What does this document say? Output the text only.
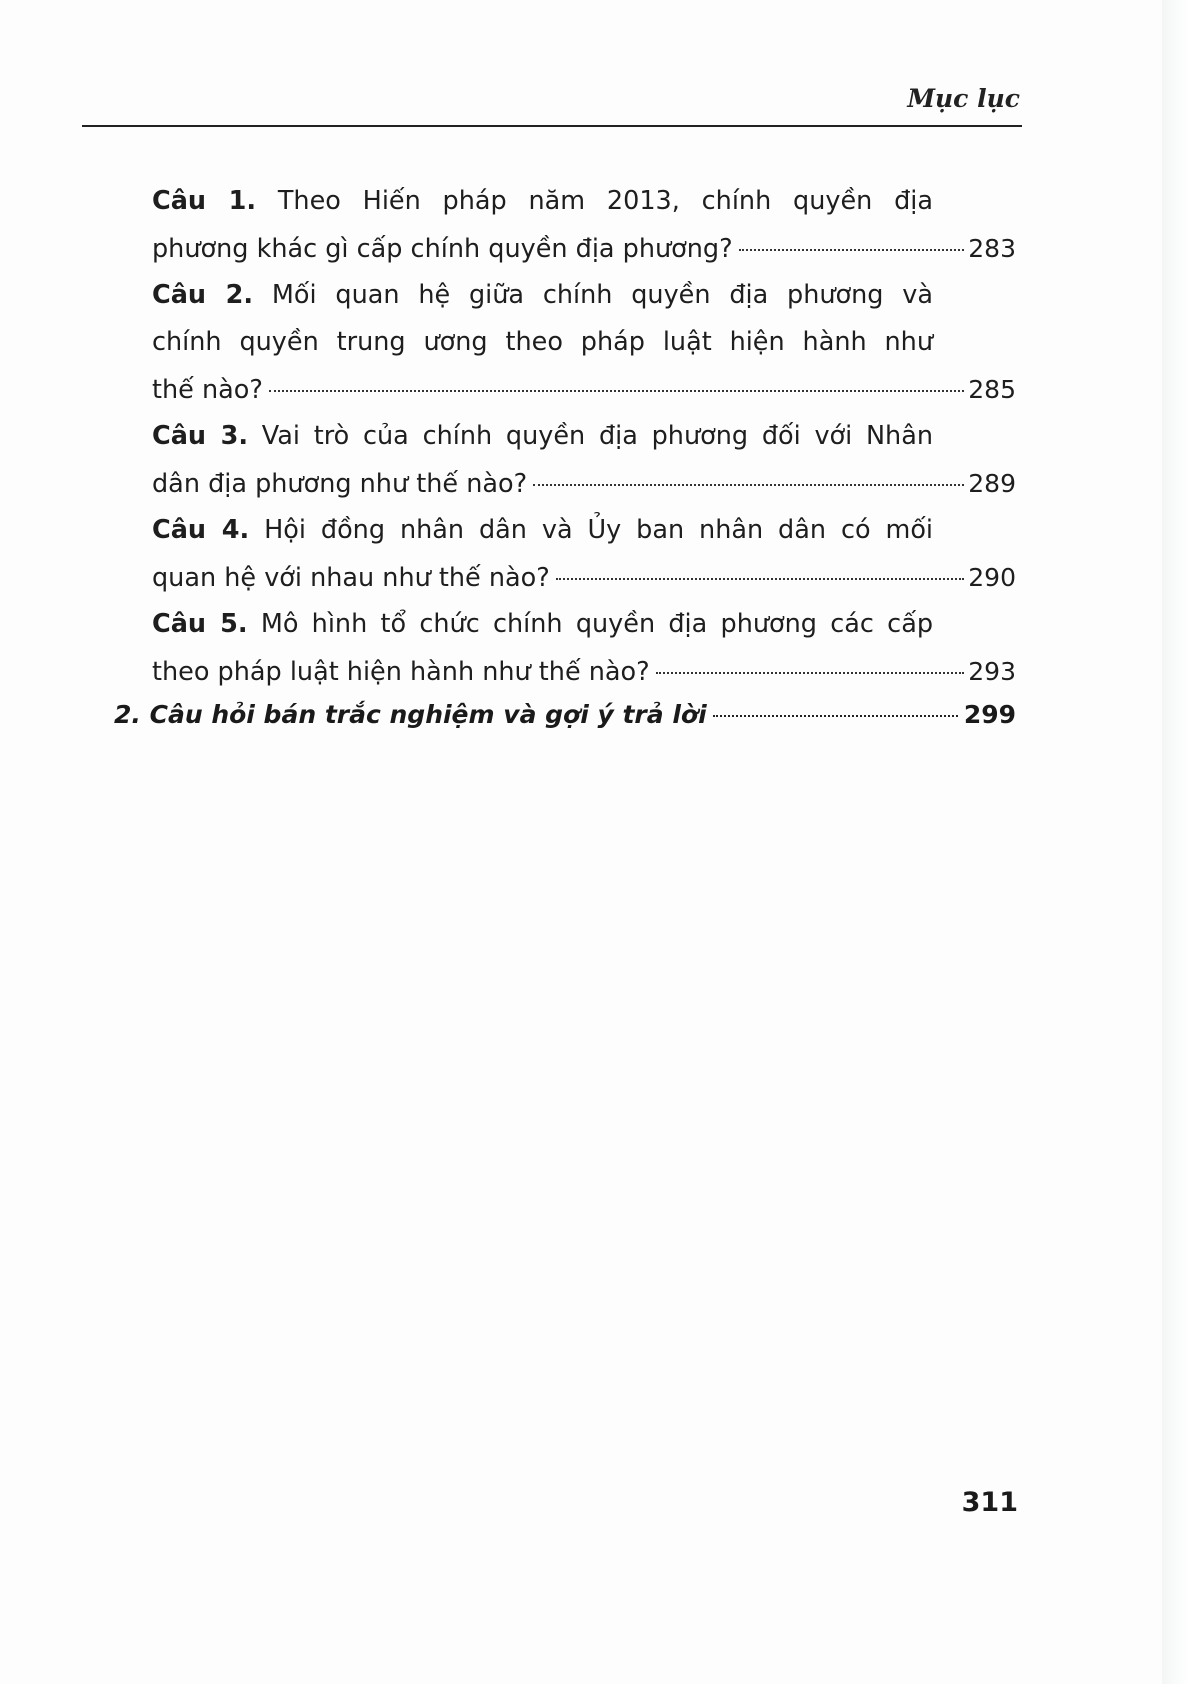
Mục lục
Câu 1. Theo Hiến pháp năm 2013, chính quyền địa
phương khác gì cấp chính quyền địa phương?	283
Câu 2. Mối quan hệ giữa chính quyền địa phương và
chính quyền trung ương theo pháp luật hiện hành như
thế nào?	285
Câu 3. Vai trò của chính quyền địa phương đối với Nhân
dân địa phương như thế nào?	289
Câu 4. Hội đồng nhân dân và Ủy ban nhân dân có mối
quan hệ với nhau như thế nào?	290
Câu 5. Mô hình tổ chức chính quyền địa phương các cấp
theo pháp luật hiện hành như thế nào?	293
2. Câu hỏi bán trắc nghiệm và gợi ý trả lời	299
311
